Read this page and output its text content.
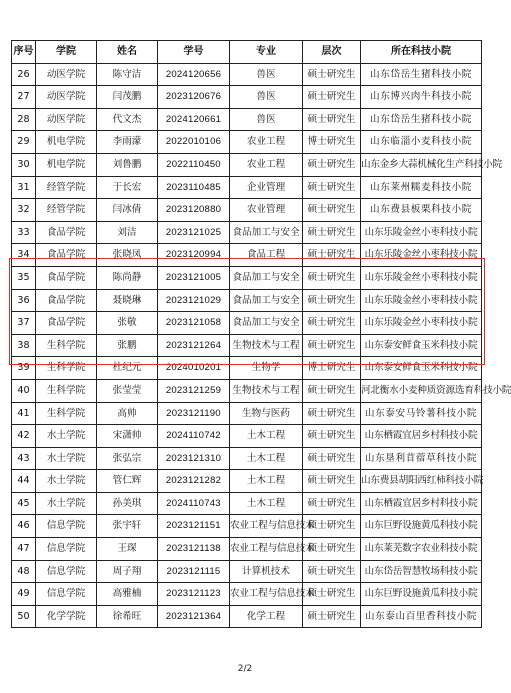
序号	学院	姓名	学号	专业	层次	所在科技小院
26	动医学院	陈守洁	2024120656	兽医	硕士研究生	山东岱岳生猪科技小院
27	动医学院	闫茂鹏	2023120676	兽医	硕士研究生	山东博兴肉牛科技小院
28	动医学院	代文杰	2024120661	兽医	硕士研究生	山东岱岳生猪科技小院
29	机电学院	李雨濛	2022010106	农业工程	博士研究生	山东临淄小麦科技小院
30	机电学院	刘鲁鹏	2022110450	农业工程	硕士研究生	山东金乡大蒜机械化生产科技小院
31	经管学院	于长宏	2023110485	企业管理	硕士研究生	山东莱州糯麦科技小院
32	经管学院	闫冰倩	2023120880	农业管理	硕士研究生	山东费县板栗科技小院
33	食品学院	刘洁	2023121025	食品加工与安全	硕士研究生	山东乐陵金丝小枣科技小院
34	食品学院	张晓凤	2023120994	食品工程	硕士研究生	山东乐陵金丝小枣科技小院
35	食品学院	陈尚静	2023121005	食品加工与安全	硕士研究生	山东乐陵金丝小枣科技小院
36	食品学院	聂晓琳	2023121029	食品加工与安全	硕士研究生	山东乐陵金丝小枣科技小院
37	食品学院	张敬	2023121058	食品加工与安全	硕士研究生	山东乐陵金丝小枣科技小院
38	生科学院	张鹏	2023121264	生物技术与工程	硕士研究生	山东泰安鲜食玉米科技小院
39	生科学院	杜纪元	2024010201	生物学	博士研究生	山东泰安鲜食玉米科技小院
40	生科学院	张莹莹	2023121259	生物技术与工程	硕士研究生	河北衡水小麦种质资源选育科技小院
41	生科学院	高帅	2023121190	生物与医药	硕士研究生	山东泰安马铃薯科技小院
42	水土学院	宋潇帅	2024110742	土木工程	硕士研究生	山东栖霞宜居乡村科技小院
43	水土学院	张弘宗	2023121310	土木工程	硕士研究生	山东垦利苜蓿草科技小院
44	水土学院	管仁辉	2023121282	土木工程	硕士研究生	山东费县胡阳西红柿科技小院
45	水土学院	孙美琪	2024110743	土木工程	硕士研究生	山东栖霞宜居乡村科技小院
46	信息学院	张宇轩	2023121151	农业工程与信息技术	硕士研究生	山东巨野设施黄瓜科技小院
47	信息学院	王琛	2023121138	农业工程与信息技术	硕士研究生	山东莱芜数字农业科技小院
48	信息学院	周子翔	2023121115	计算机技术	硕士研究生	山东岱岳智慧牧场科技小院
49	信息学院	高雅楠	2023121123	农业工程与信息技术	硕士研究生	山东巨野设施黄瓜科技小院
50	化学学院	徐希旺	2023121364	化学工程	硕士研究生	山东泰山百里香科技小院
2/2
